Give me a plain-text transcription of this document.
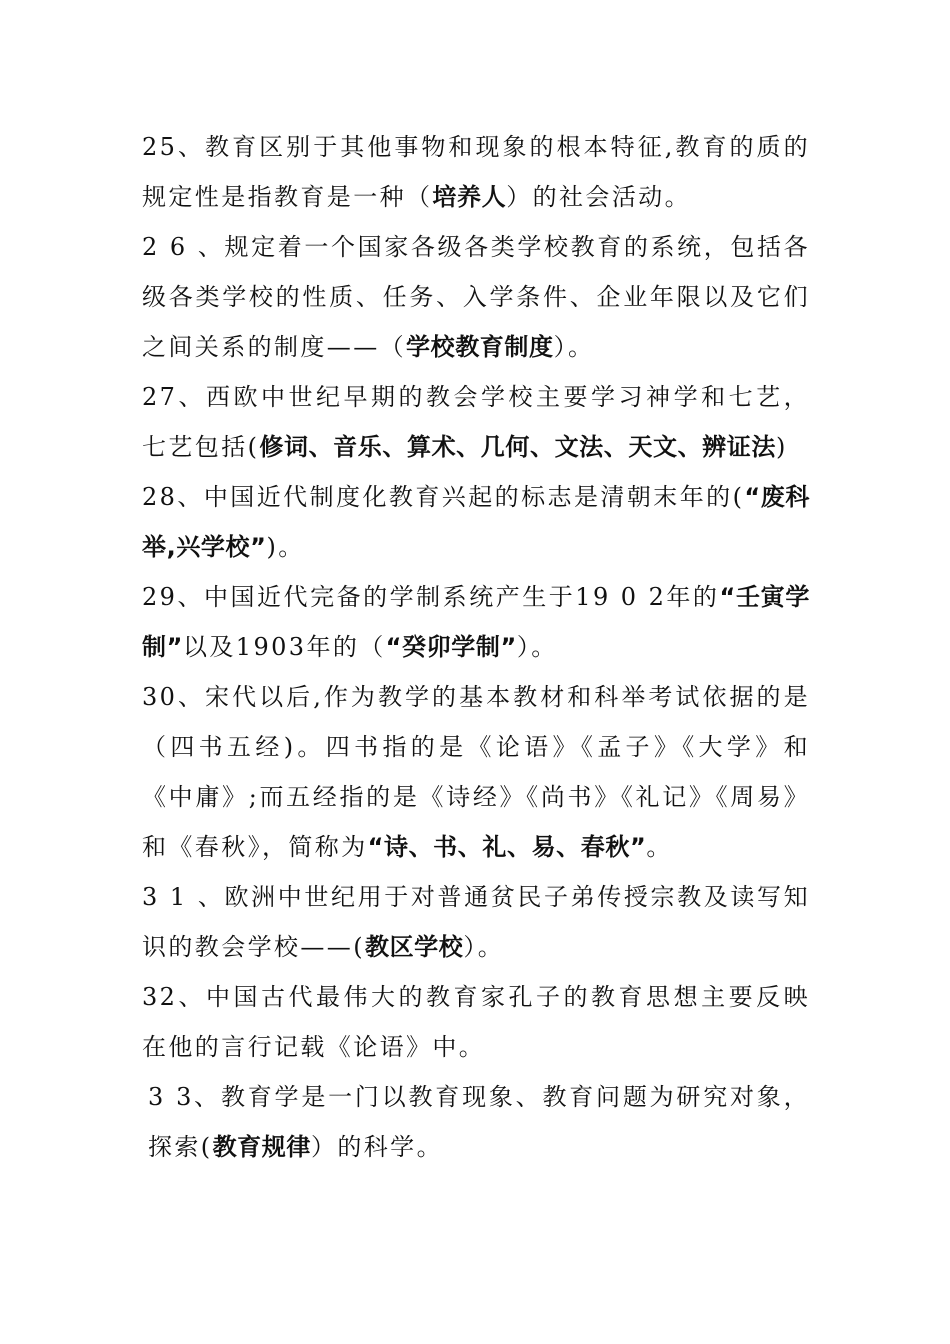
25、教育区别于其他事物和现象的根本特征,教育的质的规定性是指教育是一种（培养人）的社会活动。

2 6 、规定着一个国家各级各类学校教育的系统，包括各级各类学校的性质、任务、入学条件、企业年限以及它们之间关系的制度——（学校教育制度）。

27、西欧中世纪早期的教会学校主要学习神学和七艺，七艺包括(修词、音乐、算术、几何、文法、天文、辨证法)

28、中国近代制度化教育兴起的标志是清朝末年的(“废科举,兴学校”)。

29、中国近代完备的学制系统产生于19 0 2年的“壬寅学制”以及1903年的（“癸卯学制”）。

30、宋代以后,作为教学的基本教材和科举考试依据的是（四书五经)。四书指的是《论语》《孟子》《大学》和《中庸》;而五经指的是《诗经》《尚书》《礼记》《周易》和《春秋》，简称为“诗、书、礼、易、春秋”。

3 1 、欧洲中世纪用于对普通贫民子弟传授宗教及读写知识的教会学校——(教区学校）。

32、中国古代最伟大的教育家孔子的教育思想主要反映在他的言行记载《论语》中。

3 3、教育学是一门以教育现象、教育问题为研究对象，探索(教育规律）的科学。
